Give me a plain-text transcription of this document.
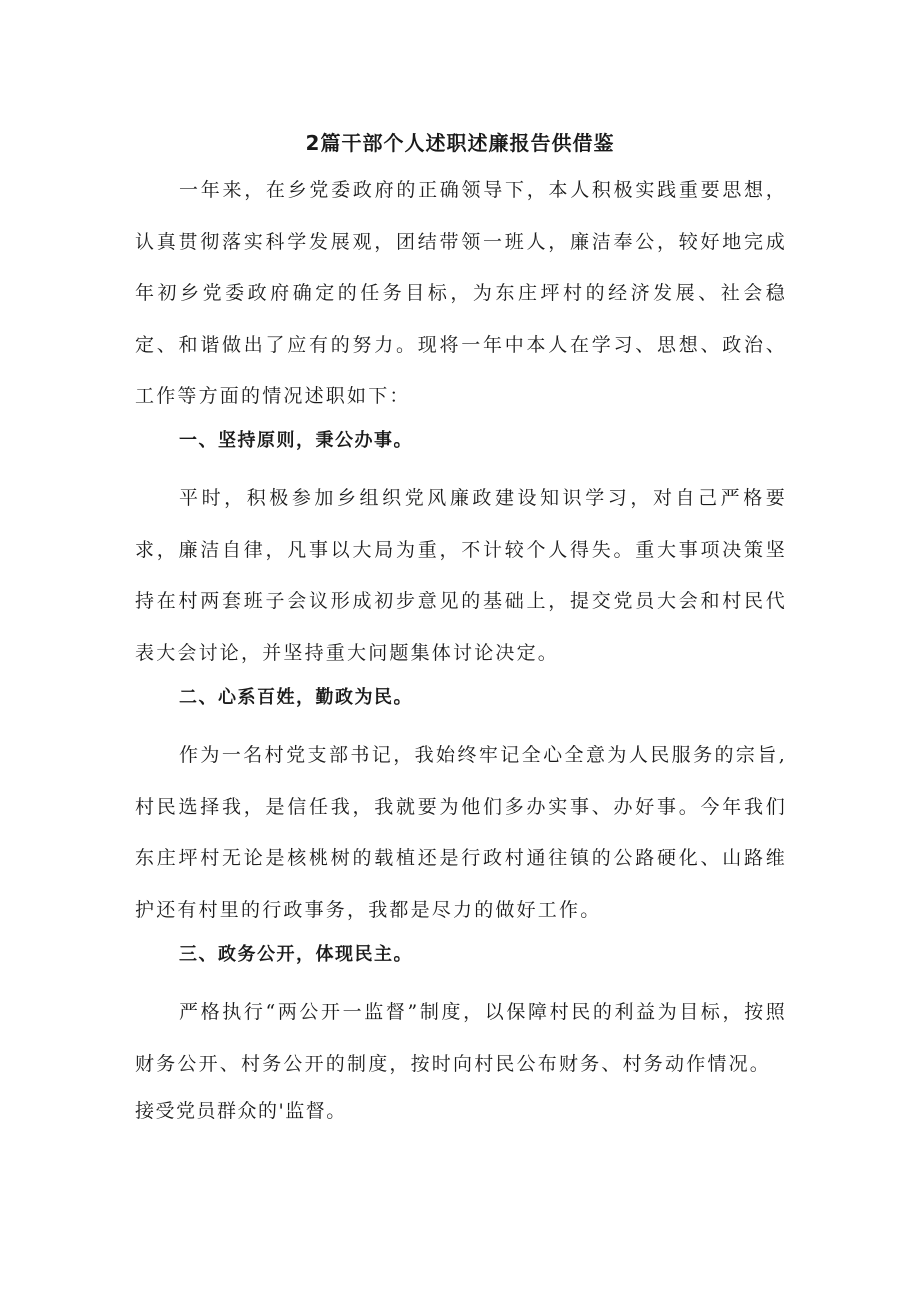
2篇干部个人述职述廉报告供借鉴

一年来，在乡党委政府的正确领导下，本人积极实践重要思想，认真贯彻落实科学发展观，团结带领一班人，廉洁奉公，较好地完成年初乡党委政府确定的任务目标，为东庄坪村的经济发展、社会稳定、和谐做出了应有的努力。现将一年中本人在学习、思想、政治、工作等方面的情况述职如下：

一、坚持原则，秉公办事。

平时，积极参加乡组织党风廉政建设知识学习，对自己严格要求，廉洁自律，凡事以大局为重，不计较个人得失。重大事项决策坚持在村两套班子会议形成初步意见的基础上，提交党员大会和村民代表大会讨论，并坚持重大问题集体讨论决定。

二、心系百姓，勤政为民。

作为一名村党支部书记，我始终牢记全心全意为人民服务的宗旨,村民选择我，是信任我，我就要为他们多办实事、办好事。今年我们东庄坪村无论是核桃树的载植还是行政村通往镇的公路硬化、山路维护还有村里的行政事务，我都是尽力的做好工作。

三、政务公开，体现民主。

严格执行“两公开一监督”制度，以保障村民的利益为目标，按照财务公开、村务公开的制度，按时向村民公布财务、村务动作情况。

接受党员群众的'监督。
